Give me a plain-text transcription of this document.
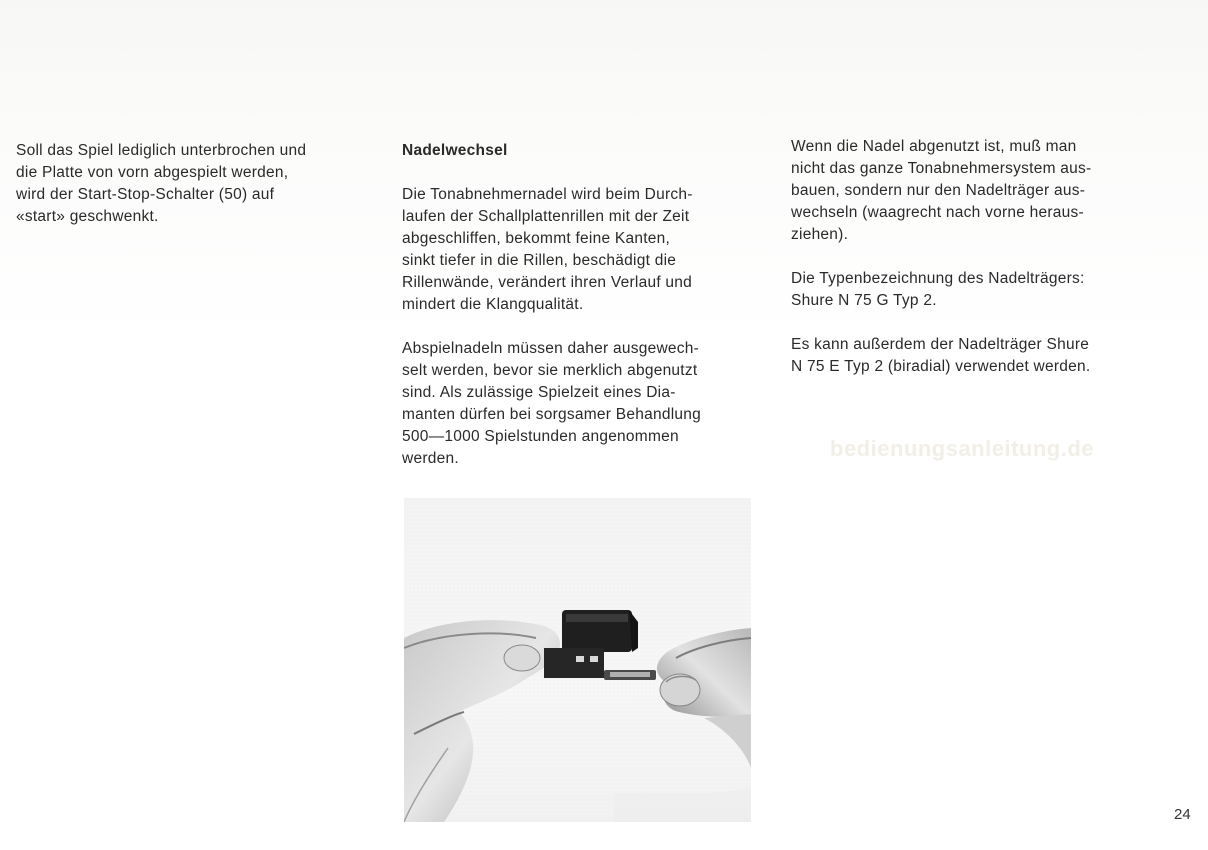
Soll das Spiel lediglich unterbrochen und
die Platte von vorn abgespielt werden,
wird der Start-Stop-Schalter (50) auf
«start» geschwenkt.
Nadelwechsel

Die Tonabnehmernadel wird beim Durch-
laufen der Schallplattenrillen mit der Zeit
abgeschliffen, bekommt feine Kanten,
sinkt tiefer in die Rillen, beschädigt die
Rillenwände, verändert ihren Verlauf und
mindert die Klangqualität.

Abspielnadeln müssen daher ausgewech-
selt werden, bevor sie merklich abgenutzt
sind. Als zulässige Spielzeit eines Dia-
manten dürfen bei sorgsamer Behandlung
500—1000 Spielstunden angenommen
werden.

Wenn die Nadel abgenutzt ist, muß man
nicht das ganze Tonabnehmersystem aus-
bauen, sondern nur den Nadelträger aus-
wechseln (waagrecht nach vorne heraus-
ziehen).

Die Typenbezeichnung des Nadelträgers:
Shure N 75 G Typ 2.

Es kann außerdem der Nadelträger Shure
N 75 E Typ 2 (biradial) verwendet werden.

bedienungsanleitung.de
24
